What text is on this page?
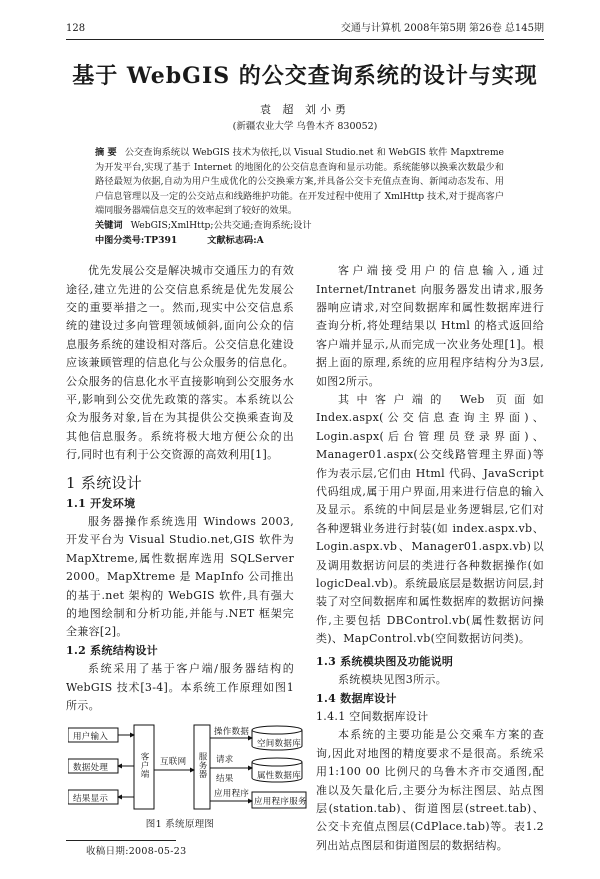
128	交通与计算机 2008年第5期 第26卷 总145期
基于 WebGIS 的公交查询系统的设计与实现
袁 超 刘小勇
(新疆农业大学 乌鲁木齐 830052)
摘 要 公交查询系统以 WebGIS 技术为依托,以 Visual Studio.net 和 WebGIS 软件 Mapxtreme 为开发平台,实现了基于 Internet 的地图化的公交信息查询和显示功能。系统能够以换乘次数最少和路径最短为依据,自动为用户生成优化的公交换乘方案,并具备公交卡充值点查询、新闻动态发布、用户信息管理以及一定的公交站点和线路维护功能。在开发过程中使用了 XmlHttp 技术,对于提高客户端同服务器端信息交互的效率起到了较好的效果。
关键词 WebGIS;XmlHttp;公共交通;查询系统;设计
中图分类号:TP391	文献标志码:A

优先发展公交是解决城市交通压力的有效途径,建立先进的公交信息系统是优先发展公交的重要举措之一。然而,现实中公交信息系统的建设过多向管理领域倾斜,面向公众的信息服务系统的建设相对落后。公交信息化建设应该兼顾管理的信息化与公众服务的信息化。公众服务的信息化水平直接影响到公交服务水平,影响到公交优先政策的落实。本系统以公众为服务对象,旨在为其提供公交换乘查询及其他信息服务。系统将极大地方便公众的出行,同时也有利于公交资源的高效利用[1]。

1 系统设计
1.1 开发环境

服务器操作系统选用 Windows 2003,开发平台为 Visual Studio.net,GIS 软件为 MapXtreme,属性数据库选用 SQLServer 2000。MapXtreme 是 MapInfo 公司推出的基于.net 架构的 WebGIS 软件,具有强大的地图绘制和分析功能,并能与.NET 框架完全兼容[2]。

1.2 系统结构设计

系统采用了基于客户端/服务器结构的 WebGIS 技术[3-4]。本系统工作原理如图1所示。

用户输入
数据处理
结果显示
客户端 互联网 服务器
操作数据
请求
结果
应用程序
空间数据库
属性数据库
应用程序服务
图1 系统原理图
收稿日期:2008-05-23

客户端接受用户的信息输入,通过 Internet/Intranet 向服务器发出请求,服务器响应请求,对空间数据库和属性数据库进行查询分析,将处理结果以 Html 的格式返回给客户端并显示,从而完成一次业务处理[1]。根据上面的原理,系统的应用程序结构分为3层,如图2所示。

其中客户端的 Web 页面如 Index.aspx(公交信息查询主界面)、Login.aspx(后台管理员登录界面)、Manager01.aspx(公交线路管理主界面)等作为表示层,它们由 Html 代码、JavaScript 代码组成,属于用户界面,用来进行信息的输入及显示。系统的中间层是业务逻辑层,它们对各种逻辑业务进行封装(如 index.aspx.vb、Login.aspx.vb、Manager01.aspx.vb)以及调用数据访问层的类进行各种数据操作(如 logicDeal.vb)。系统最底层是数据访问层,封装了对空间数据库和属性数据库的数据访问操作,主要包括 DBControl.vb(属性数据访问类)、MapControl.vb(空间数据访问类)。

1.3 系统模块图及功能说明

系统模块见图3所示。

1.4 数据库设计
1.4.1 空间数据库设计

本系统的主要功能是公交乘车方案的查询,因此对地图的精度要求不是很高。系统采用1:100 00 比例尺的乌鲁木齐市交通图,配准以及矢量化后,主要分为标注图层、站点图层(station.tab)、街道图层(street.tab)、公交卡充值点图层(CdPlace.tab)等。表1.2 列出站点图层和街道图层的数据结构。
